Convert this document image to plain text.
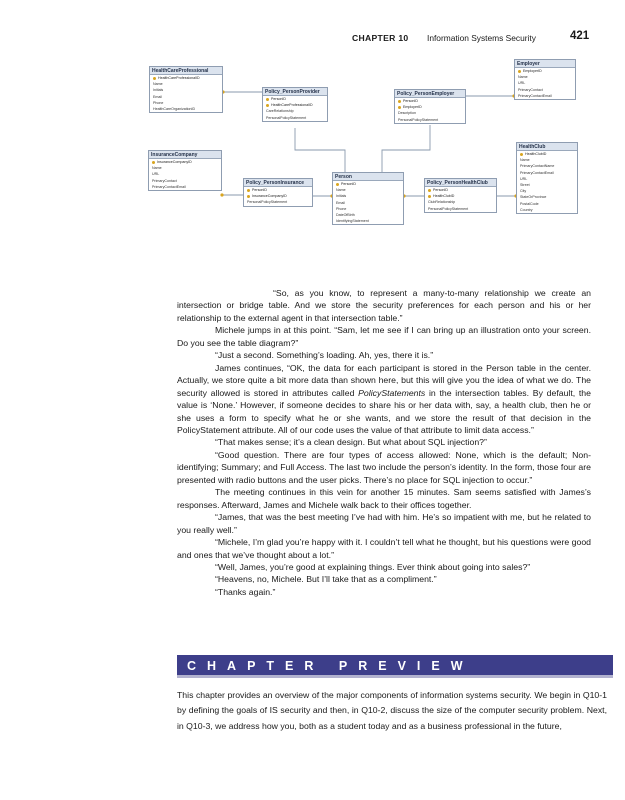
CHAPTER 10 Information Systems Security	421
HealthCareProfessional
HealthCareProfessionalID
Name
Initials
Email
Phone
HealthCareOrganizationID
Policy_PersonProvider
PersonID
HealthCareProfessionalID
CareRelationship
PersonalPolicyStatement
Policy_PersonEmployer
PersonID
EmployerID
Description
PersonalPolicyStatement
Employer
EmployerID
Name
URL
PrimaryContact
PrimaryContactEmail
InsuranceCompany
InsuranceCompanyID
Name
URL
PrimaryContact
PrimaryContactEmail
Policy_PersonInsurance
PersonID
InsuranceCompanyID
PersonalPolicyStatement
Person
PersonID
Name
Initials
Email
Phone
DateOfBirth
IdentifyingStatement
Policy_PersonHealthClub
PersonID
HealthClubID
ClubRelationship
PersonalPolicyStatement
HealthClub
HealthClubID
Name
PrimaryContactName
PrimaryContactEmail
URL
Street
City
StateOrProvince
PostalCode
Country

“So, as you know, to represent a many-to-many relationship we create an intersection or bridge table. And we store the security preferences for each person and his or her relationship to the external agent in that intersection table.”

Michele jumps in at this point. “Sam, let me see if I can bring up an illustration onto your screen. Do you see the table diagram?”

“Just a second. Something’s loading. Ah, yes, there it is.”

James continues, “OK, the data for each participant is stored in the Person table in the center. Actually, we store quite a bit more data than shown here, but this will give you the idea of what we do. The security allowed is stored in attributes called PolicyStatements in the intersection tables. By default, the value is ‘None.’ However, if someone decides to share his or her data with, say, a health club, then he or she uses a form to specify what he or she wants, and we store the result of that decision in the PolicyStatement attribute. All of our code uses the value of that attribute to limit data access.”

“That makes sense; it’s a clean design. But what about SQL injection?”

“Good question. There are four types of access allowed: None, which is the default; Non-identifying; Summary; and Full Access. The last two include the person’s identity. In the form, those four are presented with radio buttons and the user picks. There’s no place for SQL injection to occur.”

The meeting continues in this vein for another 15 minutes. Sam seems satisfied with James’s responses. Afterward, James and Michele walk back to their offices together.

“James, that was the best meeting I’ve had with him. He’s so impatient with me, but he related to you really well.”

“Michele, I’m glad you’re happy with it. I couldn’t tell what he thought, but his questions were good and ones that we’ve thought about a lot.”

“Well, James, you’re good at explaining things. Ever think about going into sales?”

“Heavens, no, Michele. But I’ll take that as a compliment.”

“Thanks again.”

CHAPTER PREVIEW
This chapter provides an overview of the major components of information systems security. We begin in Q10-1 by defining the goals of IS security and then, in Q10-2, discuss the size of the computer security problem. Next, in Q10-3, we address how you, both as a student today and as a business professional in the future,
